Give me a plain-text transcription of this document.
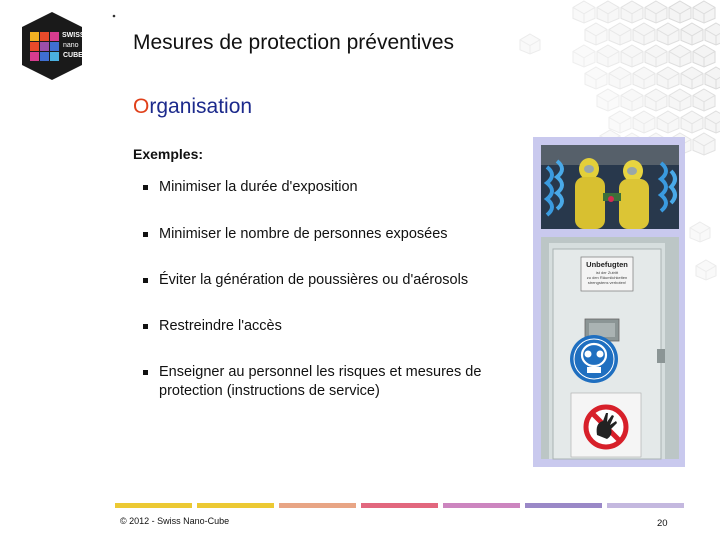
SWISS
nano
CUBE
Mesures de protection préventives
Organisation
Exemples:
Minimiser la durée d'exposition
Minimiser le nombre de personnes exposées
Éviter la génération de poussières ou d'aérosols
Restreindre l'accès
Enseigner au personnel les risques et mesures de protection (instructions de service)
Unbefugten
ist der Zutritt
zu den Räumlichkeiten
strengstens verboten!
© 2012 - Swiss Nano-Cube	20
